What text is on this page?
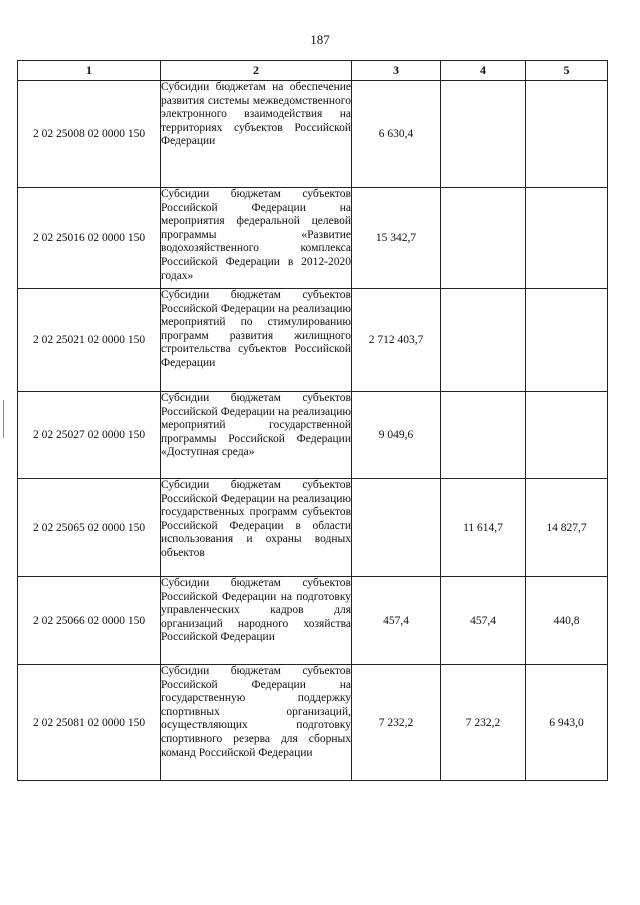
187
1	2	3	4	5
2 02 25008 02 0000 150	Субсидии бюджетам на обеспечение развития системы межведомственного электронного взаимодействия на территориях субъектов Российской Федерации	6 630,4		
2 02 25016 02 0000 150	Субсидии бюджетам субъектов Российской Федерации на мероприятия федеральной целевой программы «Развитие водохозяйственного комплекса Российской Федерации в 2012-2020 годах»	15 342,7		
2 02 25021 02 0000 150	Субсидии бюджетам субъектов Российской Федерации на реализацию мероприятий по стимулированию программ развития жилищного строительства субъектов Российской Федерации	2 712 403,7		
2 02 25027 02 0000 150	Субсидии бюджетам субъектов Российской Федерации на реализацию мероприятий государственной программы Российской Федерации «Доступная среда»	9 049,6		
2 02 25065 02 0000 150	Субсидии бюджетам субъектов Российской Федерации на реализацию государственных программ субъектов Российской Федерации в области использования и охраны водных объектов		11 614,7	14 827,7
2 02 25066 02 0000 150	Субсидии бюджетам субъектов Российской Федерации на подготовку управленческих кадров для организаций народного хозяйства Российской Федерации	457,4	457,4	440,8
2 02 25081 02 0000 150	Субсидии бюджетам субъектов Российской Федерации на государственную поддержку спортивных организаций, осуществляющих подготовку спортивного резерва для сборных команд Российской Федерации	7 232,2	7 232,2	6 943,0
